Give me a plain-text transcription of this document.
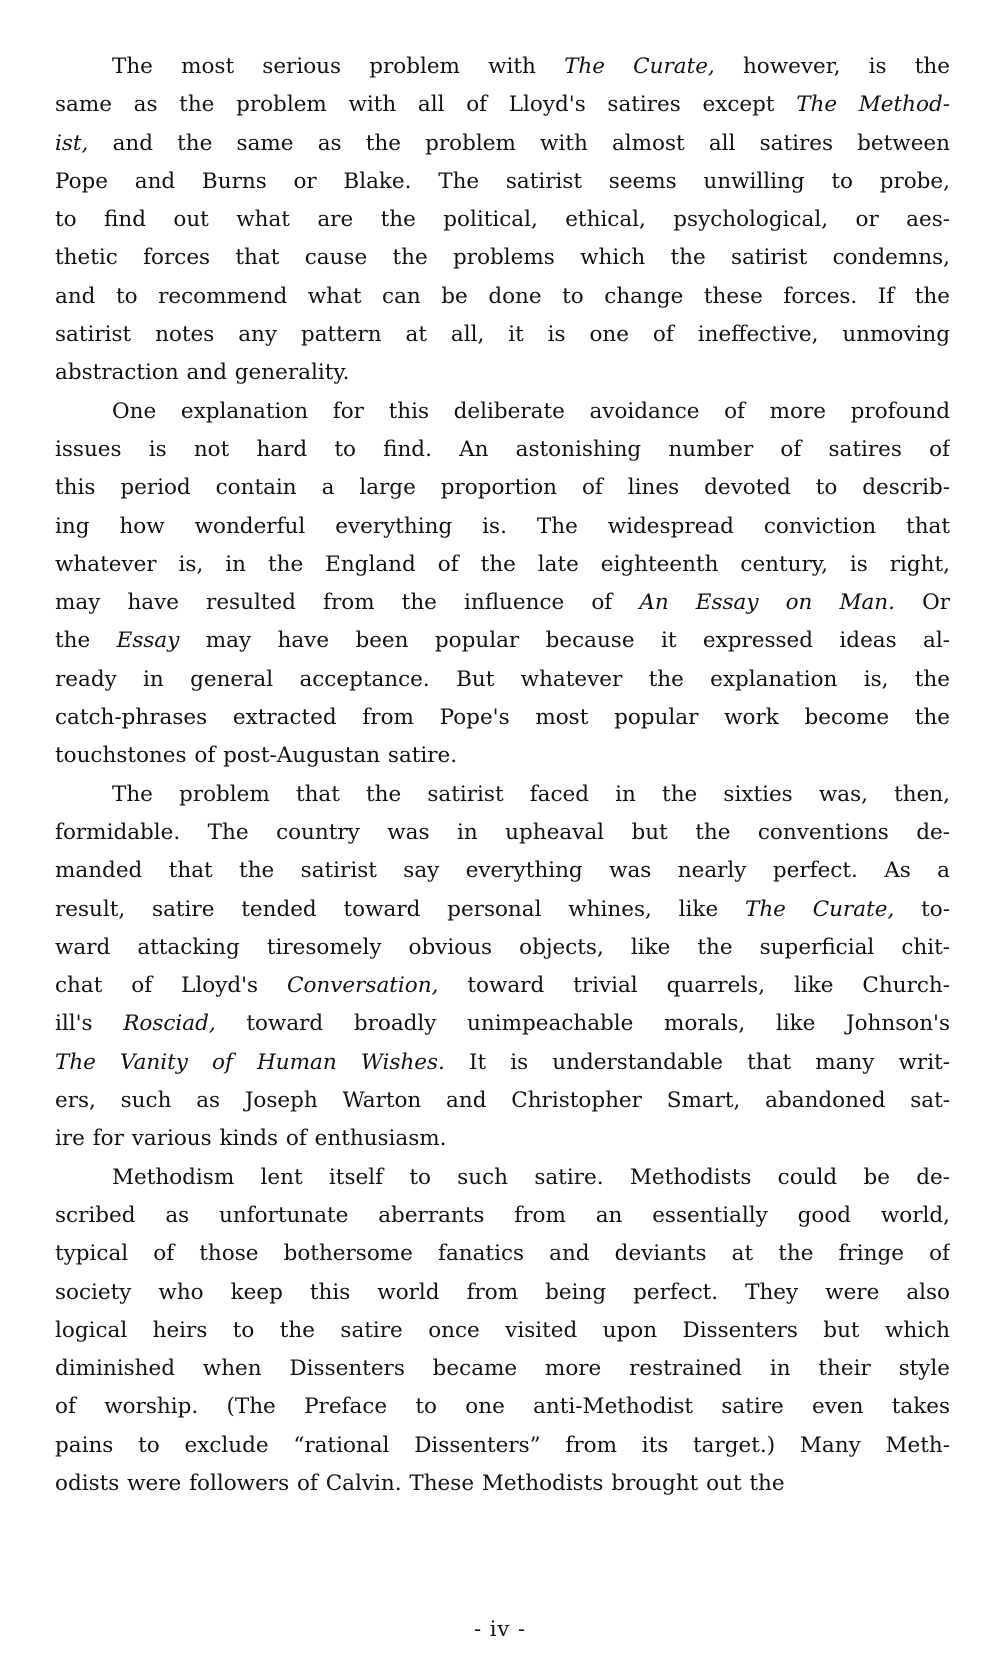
The most serious problem with The Curate, however, is the
same as the problem with all of Lloyd's satires except The Method-
ist, and the same as the problem with almost all satires between
Pope and Burns or Blake. The satirist seems unwilling to probe,
to find out what are the political, ethical, psychological, or aes-
thetic forces that cause the problems which the satirist condemns,
and to recommend what can be done to change these forces. If the
satirist notes any pattern at all, it is one of ineffective, unmoving
abstraction and generality.
One explanation for this deliberate avoidance of more profound
issues is not hard to find. An astonishing number of satires of
this period contain a large proportion of lines devoted to describ-
ing how wonderful everything is. The widespread conviction that
whatever is, in the England of the late eighteenth century, is right,
may have resulted from the influence of An Essay on Man. Or
the Essay may have been popular because it expressed ideas al-
ready in general acceptance. But whatever the explanation is, the
catch-phrases extracted from Pope's most popular work become the
touchstones of post-Augustan satire.
The problem that the satirist faced in the sixties was, then,
formidable. The country was in upheaval but the conventions de-
manded that the satirist say everything was nearly perfect. As a
result, satire tended toward personal whines, like The Curate, to-
ward attacking tiresomely obvious objects, like the superficial chit-
chat of Lloyd's Conversation, toward trivial quarrels, like Church-
ill's Rosciad, toward broadly unimpeachable morals, like Johnson's
The Vanity of Human Wishes. It is understandable that many writ-
ers, such as Joseph Warton and Christopher Smart, abandoned sat-
ire for various kinds of enthusiasm.
Methodism lent itself to such satire. Methodists could be de-
scribed as unfortunate aberrants from an essentially good world,
typical of those bothersome fanatics and deviants at the fringe of
society who keep this world from being perfect. They were also
logical heirs to the satire once visited upon Dissenters but which
diminished when Dissenters became more restrained in their style
of worship. (The Preface to one anti-Methodist satire even takes
pains to exclude “rational Dissenters” from its target.) Many Meth-
odists were followers of Calvin. These Methodists brought out the
- iv -
